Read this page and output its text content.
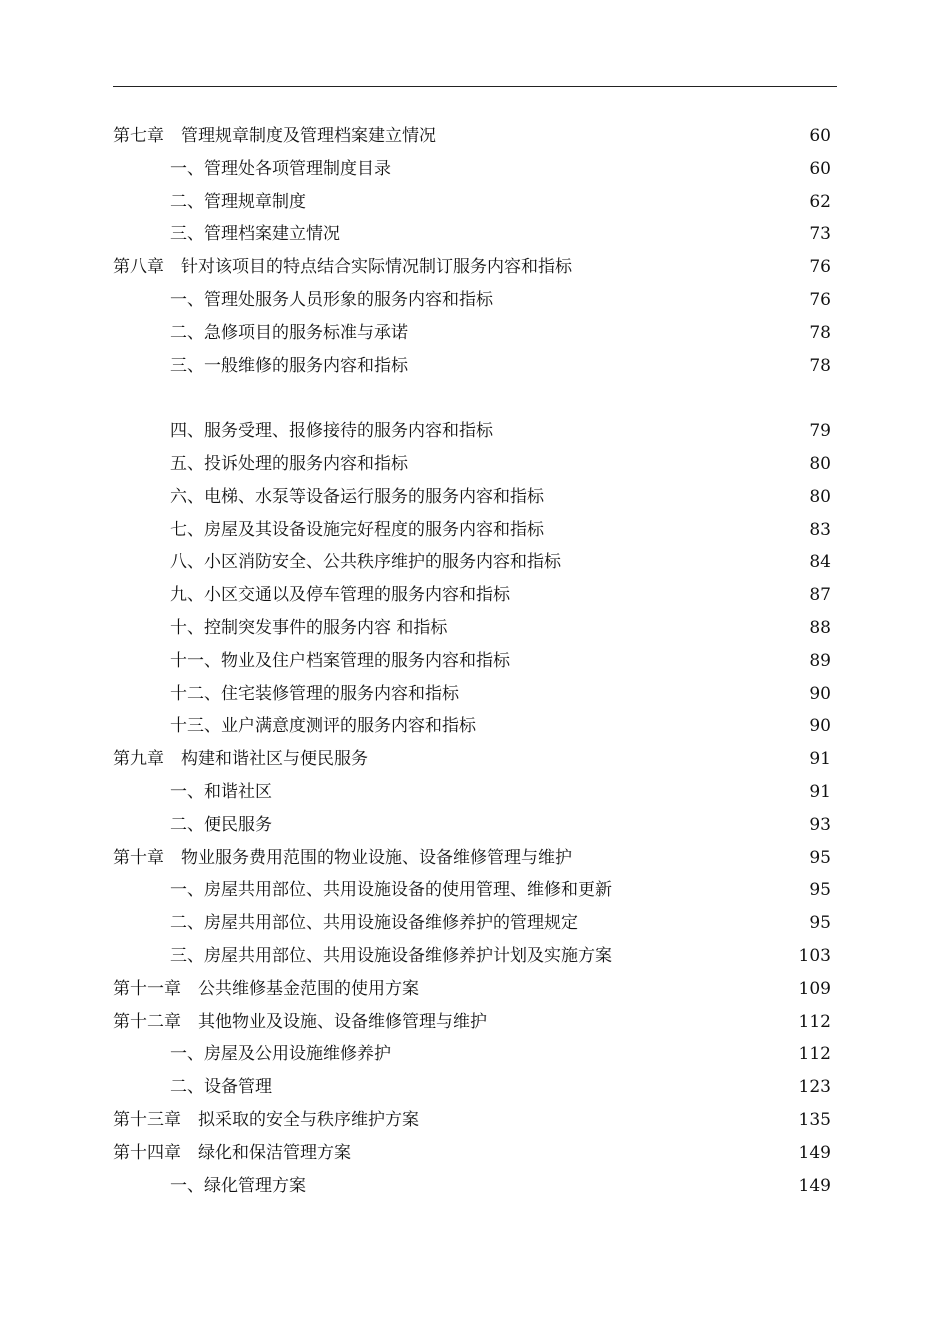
第七章　管理规章制度及管理档案建立情况	60
一、管理处各项管理制度目录	60
二、管理规章制度	62
三、管理档案建立情况	73
第八章　针对该项目的特点结合实际情况制订服务内容和指标	76
一、管理处服务人员形象的服务内容和指标	76
二、急修项目的服务标准与承诺	78
三、一般维修的服务内容和指标	78
四、服务受理、报修接待的服务内容和指标	79
五、投诉处理的服务内容和指标	80
六、电梯、水泵等设备运行服务的服务内容和指标	80
七、房屋及其设备设施完好程度的服务内容和指标	83
八、小区消防安全、公共秩序维护的服务内容和指标	84
九、小区交通以及停车管理的服务内容和指标	87
十、控制突发事件的服务内容 和指标	88
十一、物业及住户档案管理的服务内容和指标	89
十二、住宅装修管理的服务内容和指标	90
十三、业户满意度测评的服务内容和指标	90
第九章　构建和谐社区与便民服务	91
一、和谐社区	91
二、便民服务	93
第十章　物业服务费用范围的物业设施、设备维修管理与维护	95
一、房屋共用部位、共用设施设备的使用管理、维修和更新	95
二、房屋共用部位、共用设施设备维修养护的管理规定	95
三、房屋共用部位、共用设施设备维修养护计划及实施方案	103
第十一章　公共维修基金范围的使用方案	109
第十二章　其他物业及设施、设备维修管理与维护	112
一、房屋及公用设施维修养护	112
二、设备管理	123
第十三章　拟采取的安全与秩序维护方案	135
第十四章　绿化和保洁管理方案	149
一、绿化管理方案	149
